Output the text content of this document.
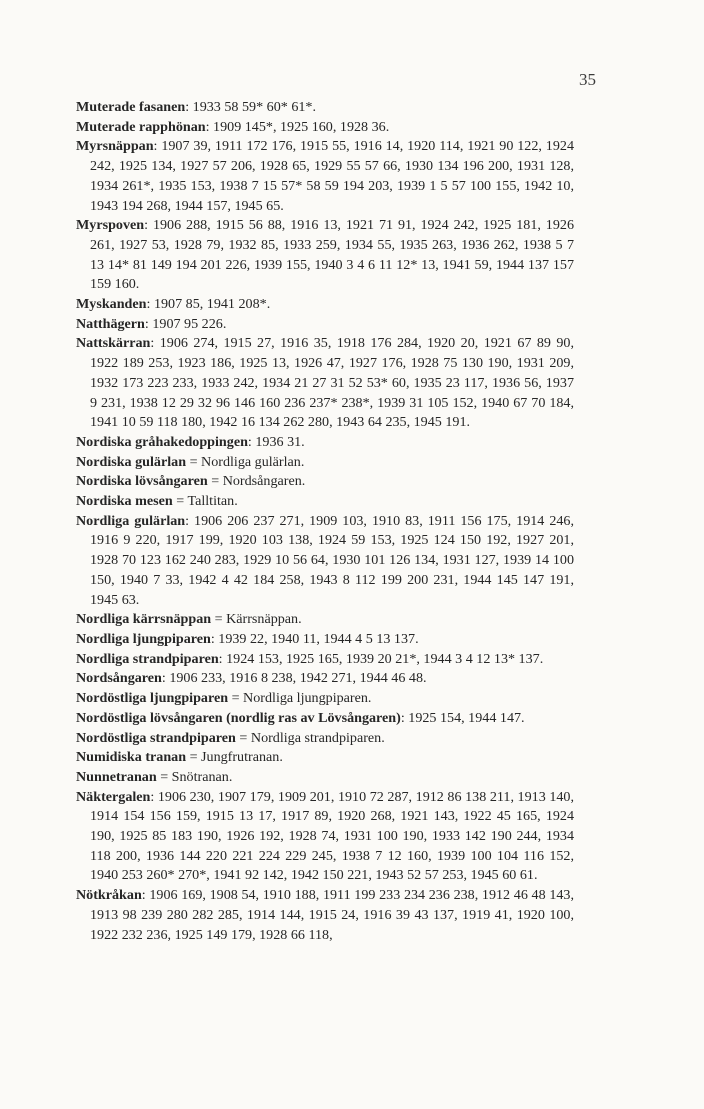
35

Muterade fasanen: 1933 58 59* 60* 61*.

Muterade rapphönan: 1909 145*, 1925 160, 1928 36.

Myrsnäppan: 1907 39, 1911 172 176, 1915 55, 1916 14, 1920 114, 1921 90 122, 1924 242, 1925 134, 1927 57 206, 1928 65, 1929 55 57 66, 1930 134 196 200, 1931 128, 1934 261*, 1935 153, 1938 7 15 57* 58 59 194 203, 1939 1 5 57 100 155, 1942 10, 1943 194 268, 1944 157, 1945 65.

Myrspoven: 1906 288, 1915 56 88, 1916 13, 1921 71 91, 1924 242, 1925 181, 1926 261, 1927 53, 1928 79, 1932 85, 1933 259, 1934 55, 1935 263, 1936 262, 1938 5 7 13 14* 81 149 194 201 226, 1939 155, 1940 3 4 6 11 12* 13, 1941 59, 1944 137 157 159 160.

Myskanden: 1907 85, 1941 208*.

Natthägern: 1907 95 226.

Nattskärran: 1906 274, 1915 27, 1916 35, 1918 176 284, 1920 20, 1921 67 89 90, 1922 189 253, 1923 186, 1925 13, 1926 47, 1927 176, 1928 75 130 190, 1931 209, 1932 173 223 233, 1933 242, 1934 21 27 31 52 53* 60, 1935 23 117, 1936 56, 1937 9 231, 1938 12 29 32 96 146 160 236 237* 238*, 1939 31 105 152, 1940 67 70 184, 1941 10 59 118 180, 1942 16 134 262 280, 1943 64 235, 1945 191.

Nordiska gråhakedoppingen: 1936 31.

Nordiska gulärlan = Nordliga gulärlan.

Nordiska lövsångaren = Nordsångaren.

Nordiska mesen = Talltitan.

Nordliga gulärlan: 1906 206 237 271, 1909 103, 1910 83, 1911 156 175, 1914 246, 1916 9 220, 1917 199, 1920 103 138, 1924 59 153, 1925 124 150 192, 1927 201, 1928 70 123 162 240 283, 1929 10 56 64, 1930 101 126 134, 1931 127, 1939 14 100 150, 1940 7 33, 1942 4 42 184 258, 1943 8 112 199 200 231, 1944 145 147 191, 1945 63.

Nordliga kärrsnäppan = Kärrsnäppan.

Nordliga ljungpiparen: 1939 22, 1940 11, 1944 4 5 13 137.

Nordliga strandpiparen: 1924 153, 1925 165, 1939 20 21*, 1944 3 4 12 13* 137.

Nordsångaren: 1906 233, 1916 8 238, 1942 271, 1944 46 48.

Nordöstliga ljungpiparen = Nordliga ljungpiparen.

Nordöstliga lövsångaren (nordlig ras av Lövsångaren): 1925 154, 1944 147.

Nordöstliga strandpiparen = Nordliga strandpiparen.

Numidiska tranan = Jungfrutranan.

Nunnetranan = Snötranan.

Näktergalen: 1906 230, 1907 179, 1909 201, 1910 72 287, 1912 86 138 211, 1913 140, 1914 154 156 159, 1915 13 17, 1917 89, 1920 268, 1921 143, 1922 45 165, 1924 190, 1925 85 183 190, 1926 192, 1928 74, 1931 100 190, 1933 142 190 244, 1934 118 200, 1936 144 220 221 224 229 245, 1938 7 12 160, 1939 100 104 116 152, 1940 253 260* 270*, 1941 92 142, 1942 150 221, 1943 52 57 253, 1945 60 61.

Nötkråkan: 1906 169, 1908 54, 1910 188, 1911 199 233 234 236 238, 1912 46 48 143, 1913 98 239 280 282 285, 1914 144, 1915 24, 1916 39 43 137, 1919 41, 1920 100, 1922 232 236, 1925 149 179, 1928 66 118,
